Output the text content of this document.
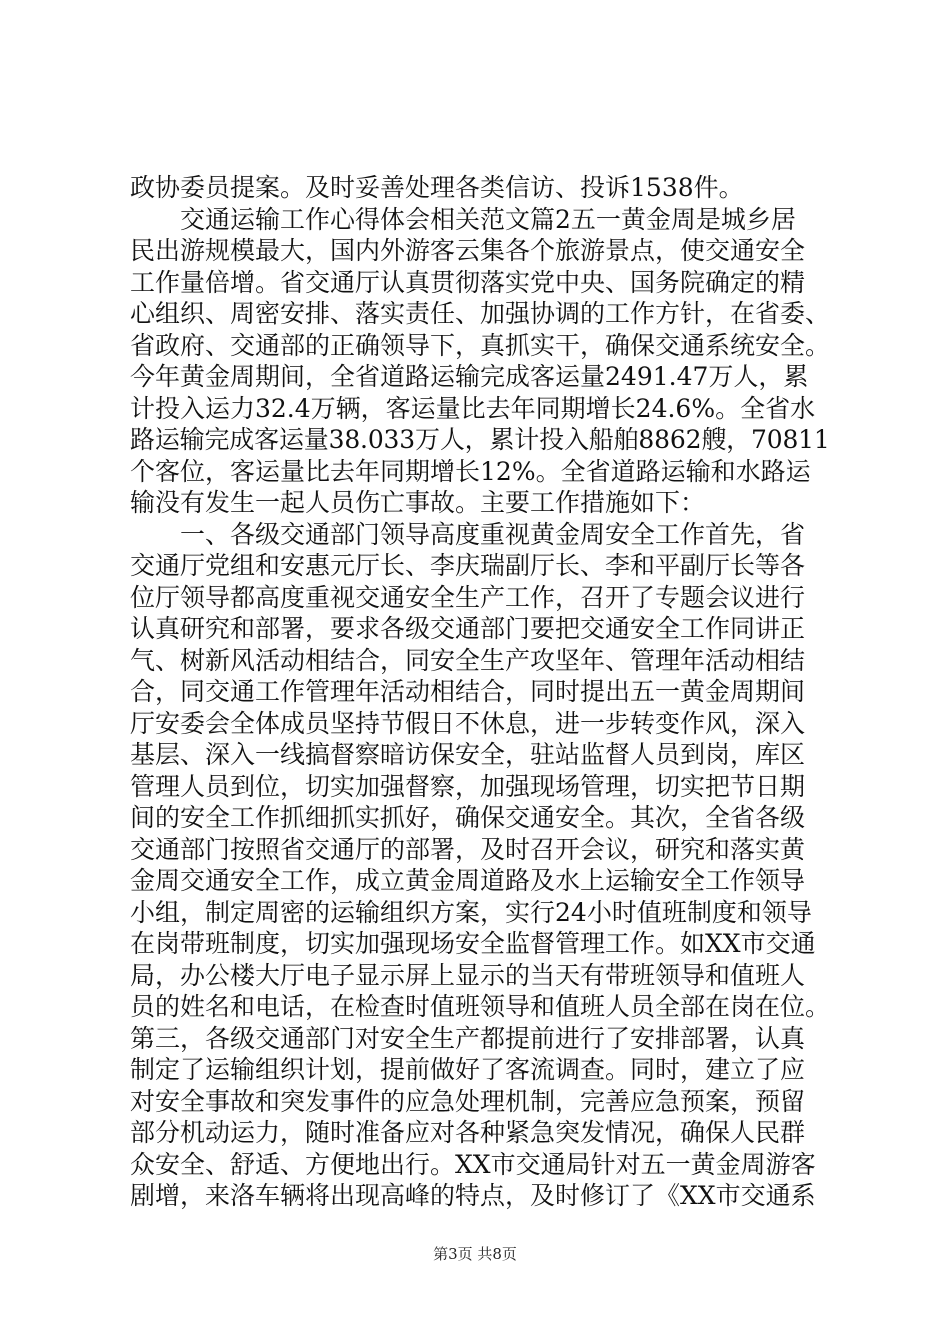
政协委员提案。及时妥善处理各类信访、投诉1538件。
　　交通运输工作心得体会相关范文篇2五一黄金周是城乡居
民出游规模最大，国内外游客云集各个旅游景点，使交通安全
工作量倍增。省交通厅认真贯彻落实党中央、国务院确定的精
心组织、周密安排、落实责任、加强协调的工作方针，在省委、
省政府、交通部的正确领导下，真抓实干，确保交通系统安全。
今年黄金周期间，全省道路运输完成客运量2491.47万人，累
计投入运力32.4万辆，客运量比去年同期增长24.6%。全省水
路运输完成客运量38.033万人，累计投入船舶8862艘，70811
个客位，客运量比去年同期增长12%。全省道路运输和水路运
输没有发生一起人员伤亡事故。主要工作措施如下：
　　一、各级交通部门领导高度重视黄金周安全工作首先，省
交通厅党组和安惠元厅长、李庆瑞副厅长、李和平副厅长等各
位厅领导都高度重视交通安全生产工作，召开了专题会议进行
认真研究和部署，要求各级交通部门要把交通安全工作同讲正
气、树新风活动相结合，同安全生产攻坚年、管理年活动相结
合，同交通工作管理年活动相结合，同时提出五一黄金周期间
厅安委会全体成员坚持节假日不休息，进一步转变作风，深入
基层、深入一线搞督察暗访保安全，驻站监督人员到岗，库区
管理人员到位，切实加强督察，加强现场管理，切实把节日期
间的安全工作抓细抓实抓好，确保交通安全。其次，全省各级
交通部门按照省交通厅的部署，及时召开会议，研究和落实黄
金周交通安全工作，成立黄金周道路及水上运输安全工作领导
小组，制定周密的运输组织方案，实行24小时值班制度和领导
在岗带班制度，切实加强现场安全监督管理工作。如XX市交通
局，办公楼大厅电子显示屏上显示的当天有带班领导和值班人
员的姓名和电话，在检查时值班领导和值班人员全部在岗在位。
第三，各级交通部门对安全生产都提前进行了安排部署，认真
制定了运输组织计划，提前做好了客流调查。同时，建立了应
对安全事故和突发事件的应急处理机制，完善应急预案，预留
部分机动运力，随时准备应对各种紧急突发情况，确保人民群
众安全、舒适、方便地出行。XX市交通局针对五一黄金周游客
剧增，来洛车辆将出现高峰的特点，及时修订了《XX市交通系
第3页 共8页
